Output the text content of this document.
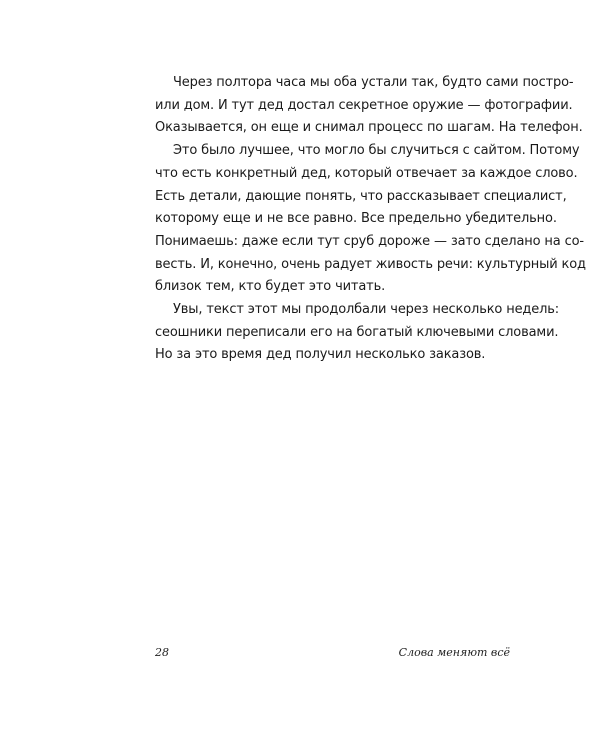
Через полтора часа мы оба устали так, будто сами постро-
или дом. И тут дед достал секретное оружие — фотографии.
Оказывается, он еще и снимал процесс по шагам. На телефон.
Это было лучшее, что могло бы случиться с сайтом. Потому
что есть конкретный дед, который отвечает за каждое слово.
Есть детали, дающие понять, что рассказывает специалист,
которому еще и не все равно. Все предельно убедительно.
Понимаешь: даже если тут сруб дороже — зато сделано на со-
весть. И, конечно, очень радует живость речи: культурный код
близок тем, кто будет это читать.
Увы, текст этот мы продолбали через несколько недель:
сеошники переписали его на богатый ключевыми словами.
Но за это время дед получил несколько заказов.
28	Слова меняют всё
